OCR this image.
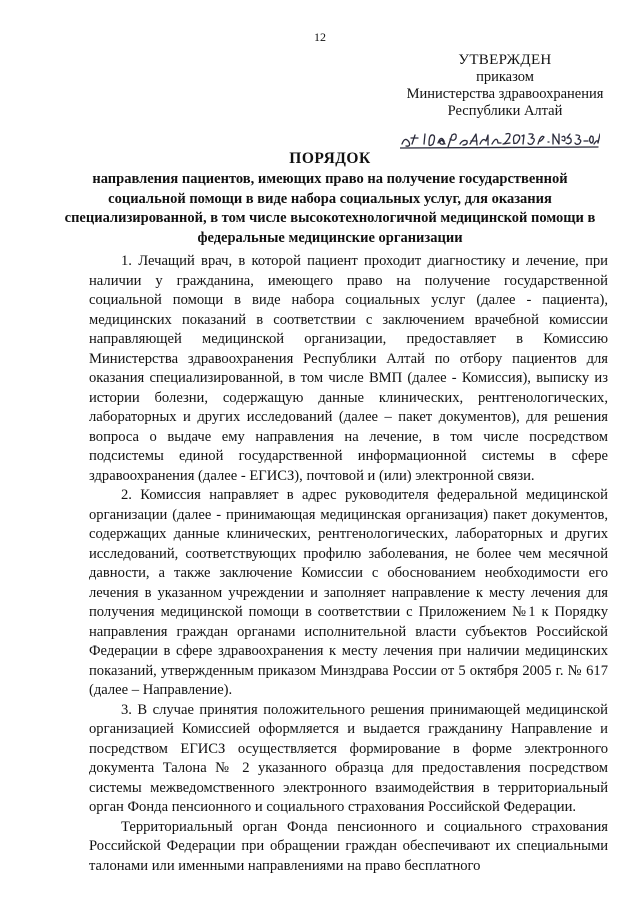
12
УТВЕРЖДЕН
приказом
Министерства здравоохранения
Республики Алтай
ПОРЯДОК
направления пациентов, имеющих право на получение государственной социальной помощи в виде набора социальных услуг, для оказания специализированной, в том числе высокотехнологичной медицинской помощи в федеральные медицинские организации

1. Лечащий врач, в которой пациент проходит диагностику и лечение, при наличии у гражданина, имеющего право на получение государственной социальной помощи в виде набора социальных услуг (далее - пациента), медицинских показаний в соответствии с заключением врачебной комиссии направляющей медицинской организации, предоставляет в Комиссию Министерства здравоохранения Республики Алтай по отбору пациентов для оказания специализированной, в том числе ВМП (далее - Комиссия), выписку из истории болезни, содержащую данные клинических, рентгенологических, лабораторных и других исследований (далее – пакет документов), для решения вопроса о выдаче ему направления на лечение, в том числе посредством подсистемы единой государственной информационной системы в сфере здравоохранения (далее - ЕГИСЗ), почтовой и (или) электронной связи.

2. Комиссия направляет в адрес руководителя федеральной медицинской организации (далее - принимающая медицинская организация) пакет документов, содержащих данные клинических, рентгенологических, лабораторных и других исследований, соответствующих профилю заболевания, не более чем месячной давности, а также заключение Комиссии с обоснованием необходимости его лечения в указанном учреждении и заполняет направление к месту лечения для получения медицинской помощи в соответствии с Приложением №1 к Порядку направления граждан органами исполнительной власти субъектов Российской Федерации в сфере здравоохранения к месту лечения при наличии медицинских показаний, утвержденным приказом Минздрава России от 5 октября 2005 г. № 617 (далее – Направление).

3. В случае принятия положительного решения принимающей медицинской организацией Комиссией оформляется и выдается гражданину Направление и посредством ЕГИСЗ осуществляется формирование в форме электронного документа Талона № 2 указанного образца для предоставления посредством системы межведомственного электронного взаимодействия в территориальный орган Фонда пенсионного и социального страхования Российской Федерации.

Территориальный орган Фонда пенсионного и социального страхования Российской Федерации при обращении граждан обеспечивают их специальными талонами или именными направлениями на право бесплатного
